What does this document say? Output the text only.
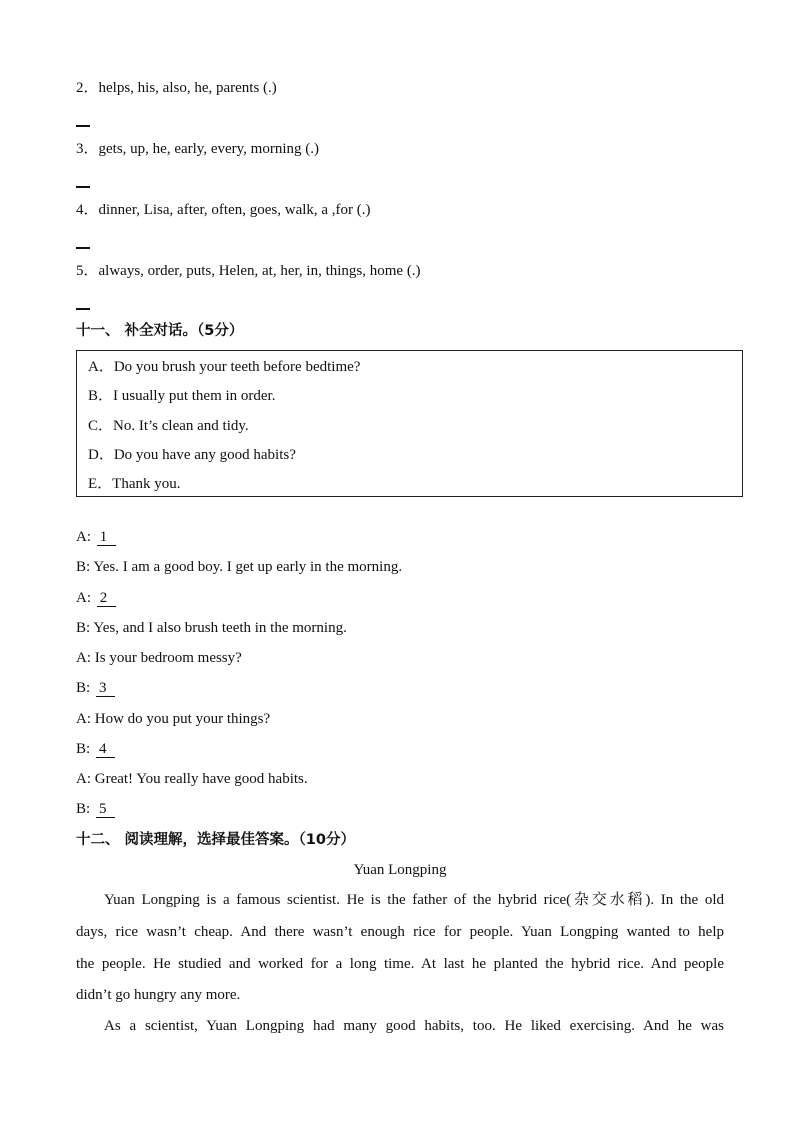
2．helps, his, also, he, parents (.)
3．gets, up, he, early, every, morning (.)
4．dinner, Lisa, after, often, goes, walk, a ,for (.)
5．always, order, puts, Helen, at, her, in, things, home (.)
十一、 补全对话。（5分）
A．Do you brush your teeth before bedtime?
B．I usually put them in order.
C．No. It’s clean and tidy.
D．Do you have any good habits?
E．Thank you.
A: 1
B: Yes. I am a good boy. I get up early in the morning.
A: 2
B: Yes, and I also brush teeth in the morning.
A: Is your bedroom messy?
B: 3
A: How do you put your things?
B: 4
A: Great! You really have good habits.
B: 5
十二、 阅读理解，选择最佳答案。（10分）
Yuan Longping
Yuan Longping is a famous scientist. He is the father of the hybrid rice(杂交水稻). In the old
days, rice wasn’t cheap. And there wasn’t enough rice for people. Yuan Longping wanted to help
the people. He studied and worked for a long time. At last he planted the hybrid rice. And people
didn’t go hungry any more.
As a scientist, Yuan Longping had many good habits, too. He liked exercising. And he was
